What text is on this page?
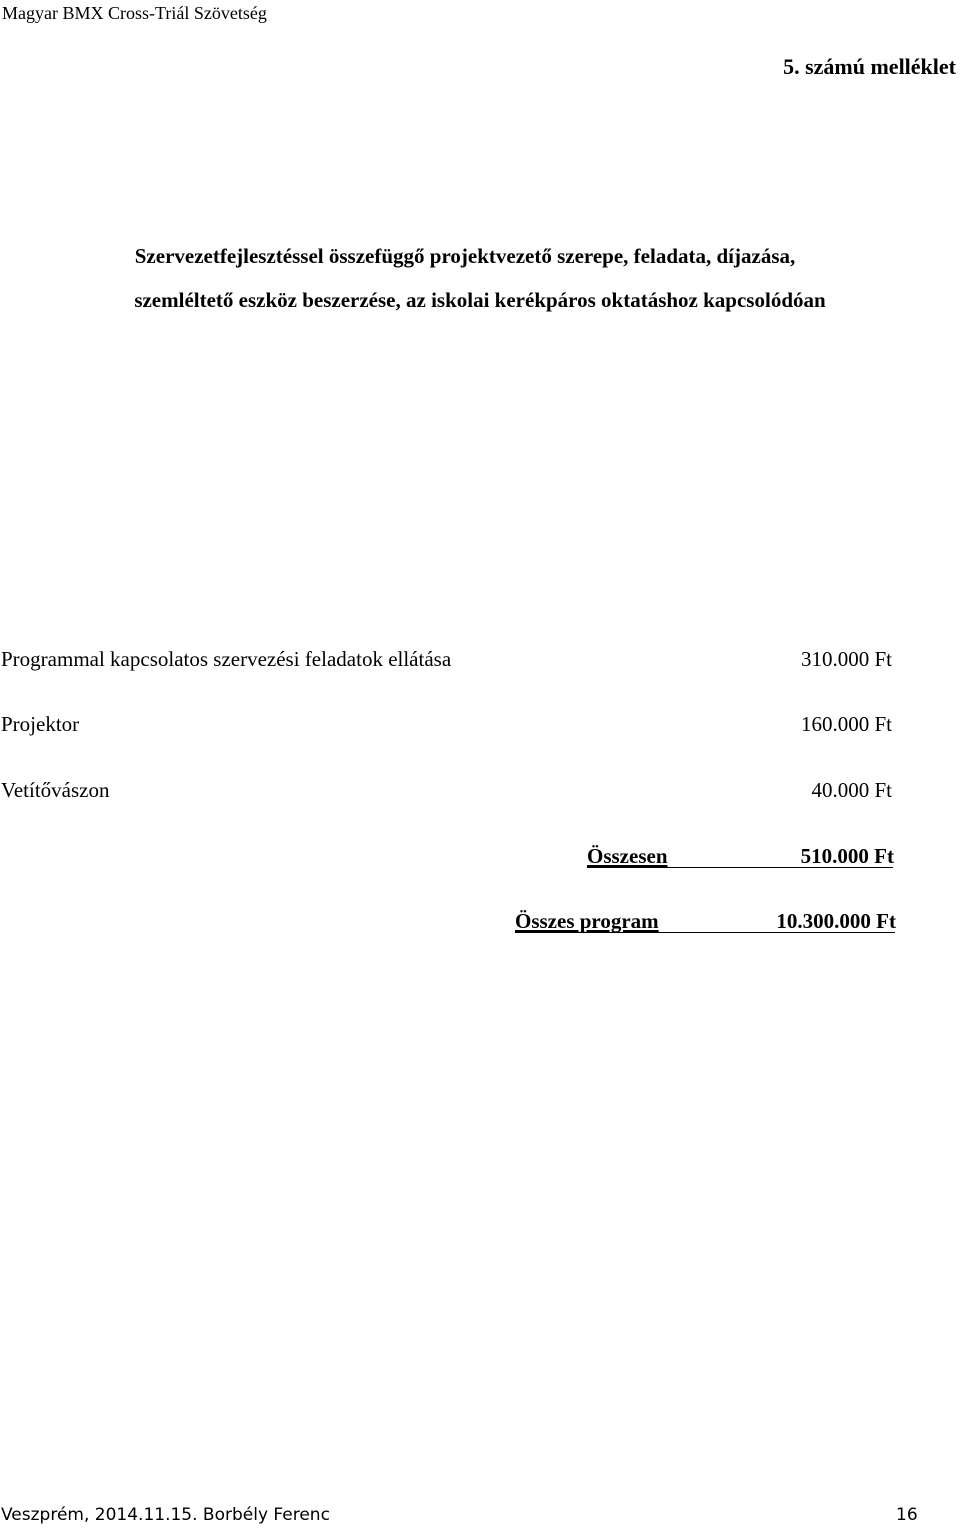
Magyar BMX Cross-Triál Szövetség
5. számú melléklet
Szervezetfejlesztéssel összefüggő projektvezető szerepe, feladata, díjazása,
szemléltető eszköz beszerzése, az iskolai kerékpáros oktatáshoz kapcsolódóan
Programmal kapcsolatos szervezési feladatok ellátása	310.000 Ft
Projektor	160.000 Ft
Vetítővászon	40.000 Ft
Összesen	510.000 Ft
Összes program	10.300.000 Ft
Veszprém, 2014.11.15. Borbély Ferenc	16
